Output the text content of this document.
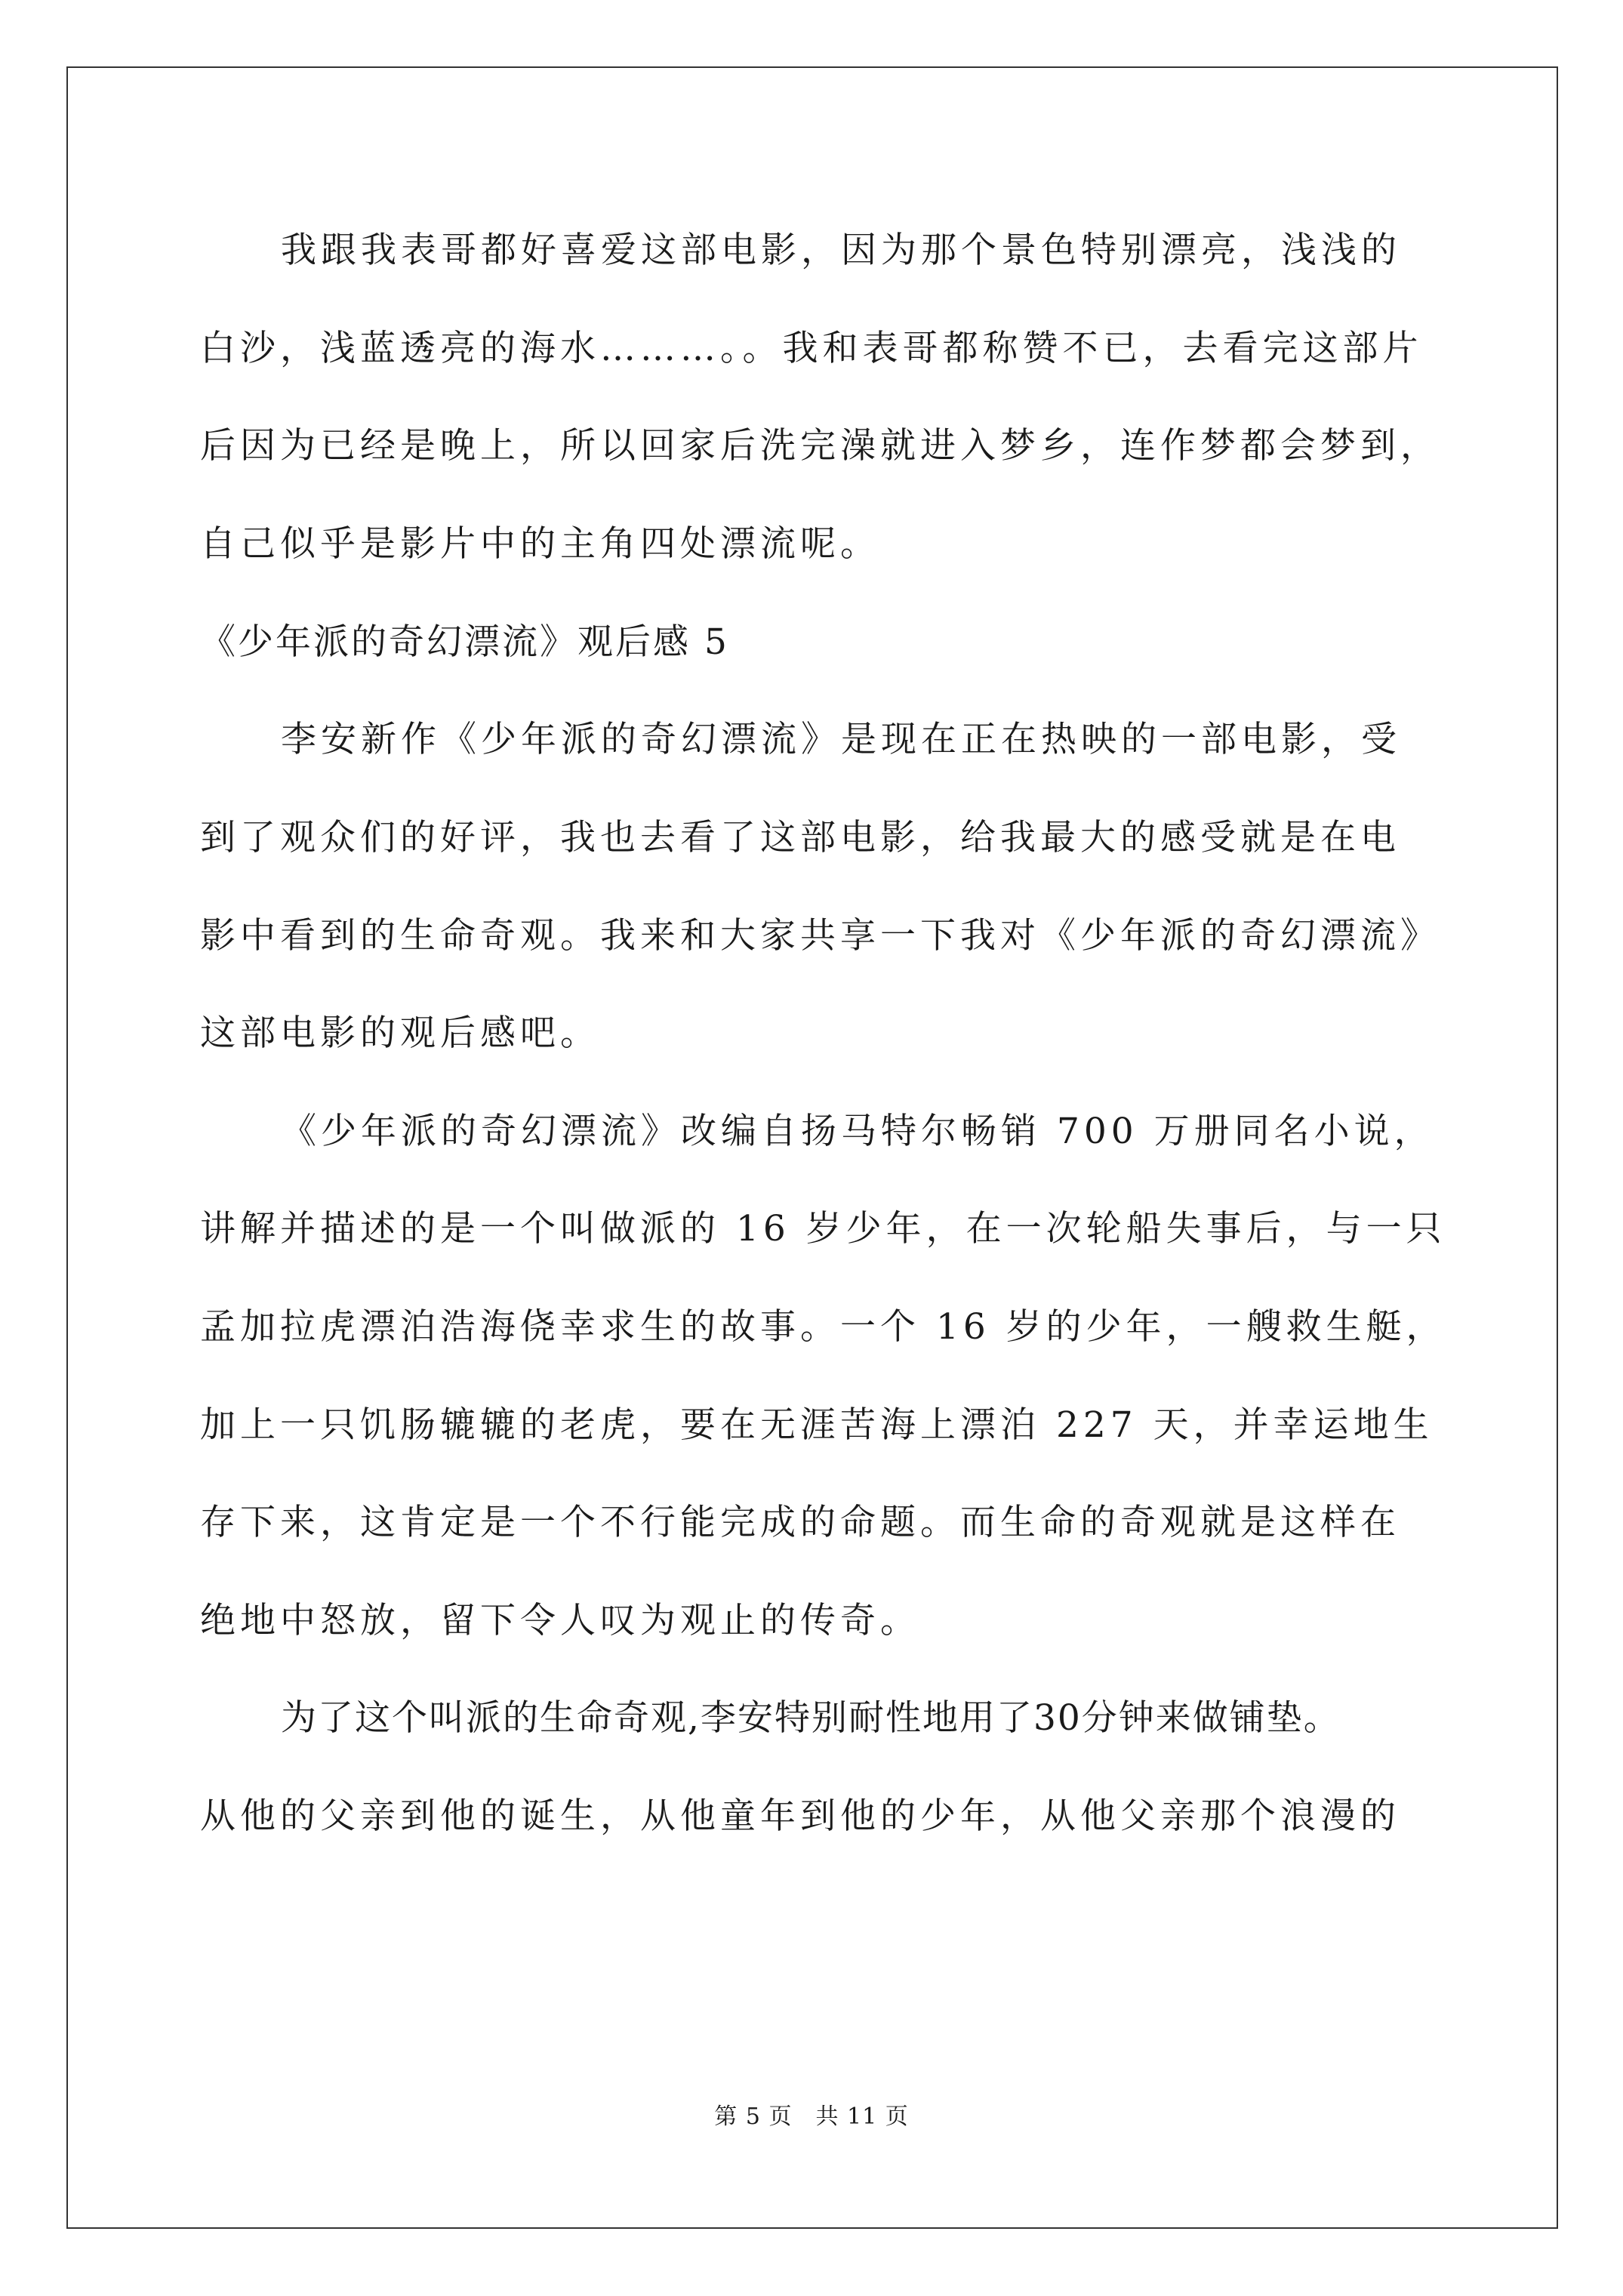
我跟我表哥都好喜爱这部电影，因为那个景色特别漂亮，浅浅的
白沙，浅蓝透亮的海水………。。我和表哥都称赞不已，去看完这部片
后因为已经是晚上，所以回家后洗完澡就进入梦乡，连作梦都会梦到，
自己似乎是影片中的主角四处漂流呢。
《少年派的奇幻漂流》观后感 5
李安新作《少年派的奇幻漂流》是现在正在热映的一部电影，受
到了观众们的好评，我也去看了这部电影，给我最大的感受就是在电
影中看到的生命奇观。我来和大家共享一下我对《少年派的奇幻漂流》
这部电影的观后感吧。
《少年派的奇幻漂流》改编自扬马特尔畅销 700 万册同名小说，
讲解并描述的是一个叫做派的 16 岁少年，在一次轮船失事后，与一只
孟加拉虎漂泊浩海侥幸求生的故事。一个 16 岁的少年，一艘救生艇，
加上一只饥肠辘辘的老虎，要在无涯苦海上漂泊 227 天，并幸运地生
存下来，这肯定是一个不行能完成的命题。而生命的奇观就是这样在
绝地中怒放，留下令人叹为观止的传奇。
为了这个叫派的生命奇观,李安特别耐性地用了30分钟来做铺垫。
从他的父亲到他的诞生，从他童年到他的少年，从他父亲那个浪漫的
第 5 页　共 11 页
